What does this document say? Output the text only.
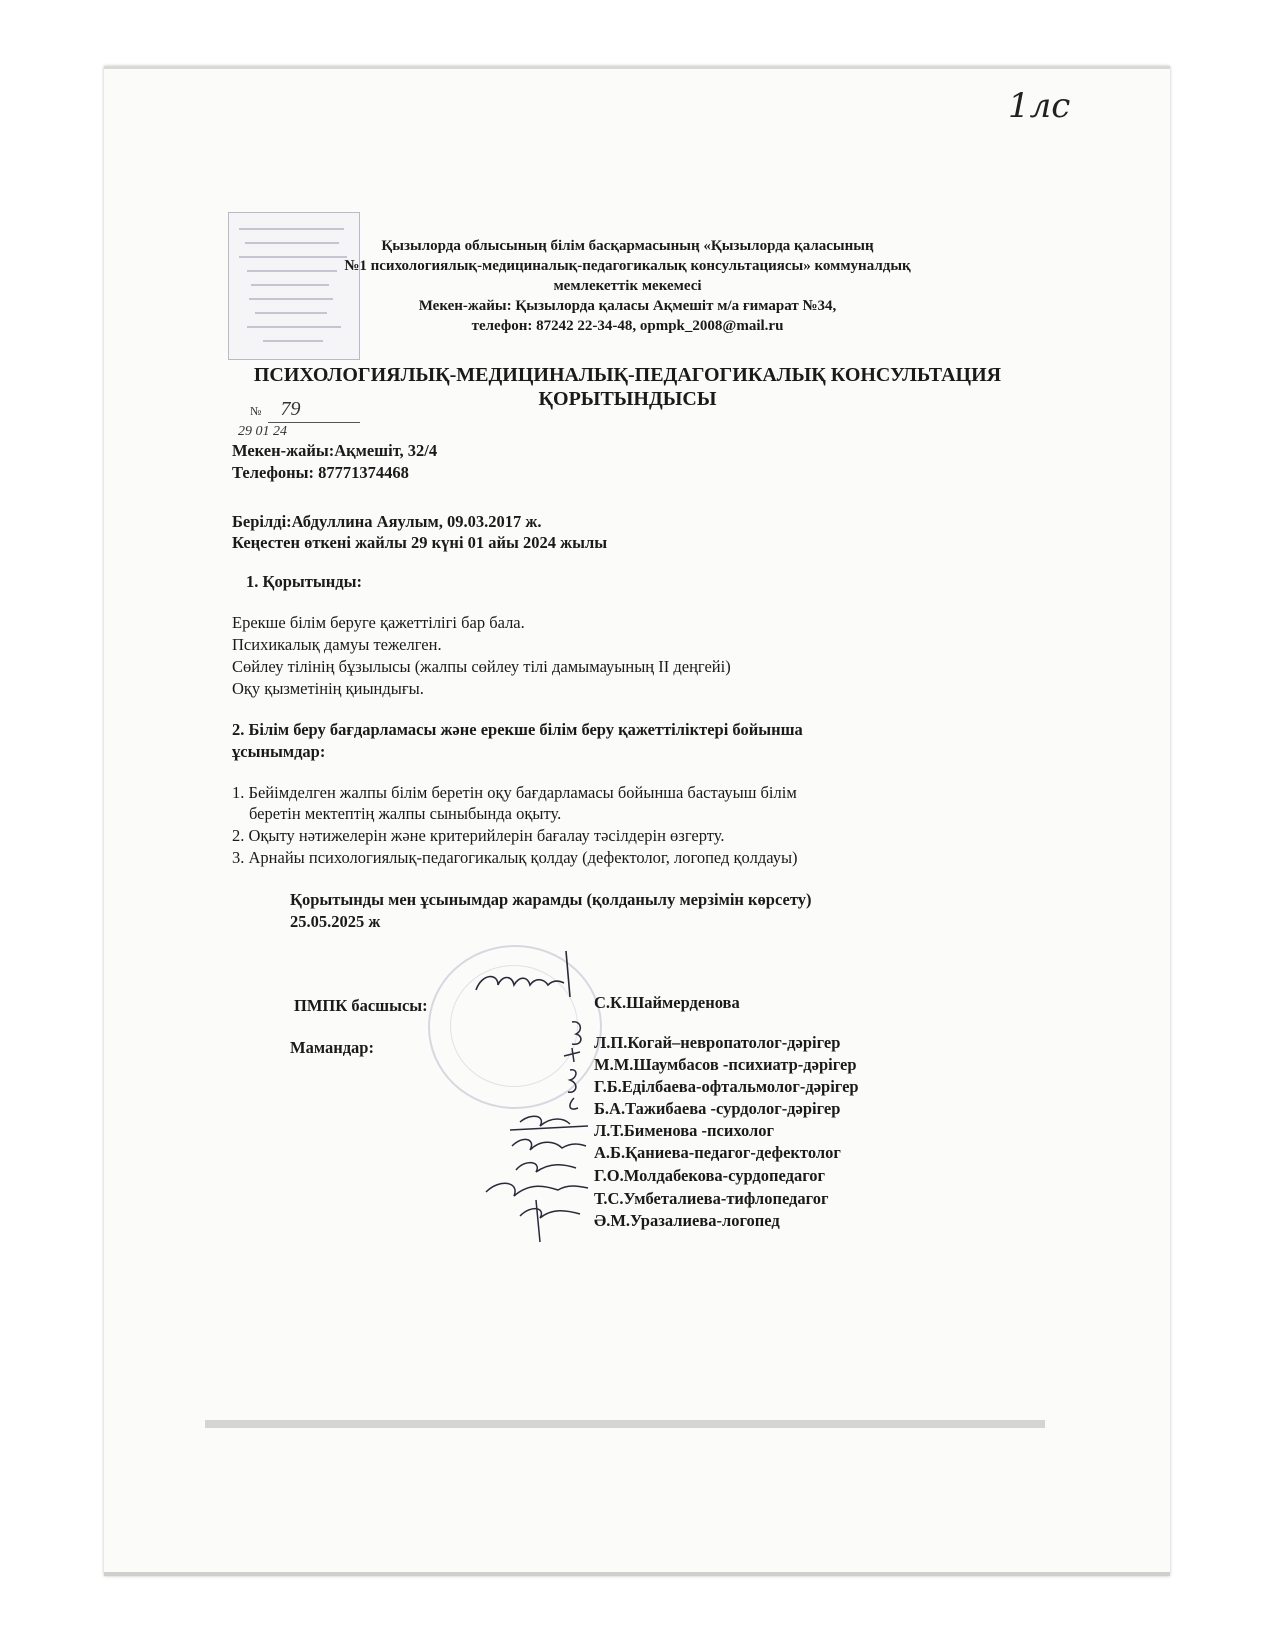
1лс
Қызылорда облысының білім басқармасының «Қызылорда қаласының
№1 психологиялық-медициналық-педагогикалық консультациясы» коммуналдық
мемлекеттік мекемесі
Мекен-жайы: Қызылорда қаласы Ақмешіт м/а ғимарат №34,
телефон: 87242 22-34-48, opmpk_2008@mail.ru
ПСИХОЛОГИЯЛЫҚ-МЕДИЦИНАЛЫҚ-ПЕДАГОГИКАЛЫҚ КОНСУЛЬТАЦИЯ
ҚОРЫТЫНДЫСЫ
№ 79
29 01 24
Мекен-жайы:Ақмешіт, 32/4
Телефоны: 87771374468
Берілді:Абдуллина Аяулым, 09.03.2017 ж.
Кеңестен өткені жайлы 29 күні 01 айы 2024 жылы
1. Қорытынды:
Ерекше білім беруге қажеттілігі бар бала.
Психикалық дамуы тежелген.
Сөйлеу тілінің бұзылысы (жалпы сөйлеу тілі дамымауының II деңгейі)
Оқу қызметінің қиындығы.
2. Білім беру бағдарламасы және ерекше білім беру қажеттіліктері бойынша
ұсынымдар:
1. Бейімделген жалпы білім беретін оқу бағдарламасы бойынша бастауыш білім
беретін мектептің жалпы сыныбында оқыту.
2. Оқыту нәтижелерін және критерийлерін бағалау тәсілдерін өзгерту.
3. Арнайы психологиялық-педагогикалық қолдау (дефектолог, логопед қолдауы)
Қорытынды мен ұсынымдар жарамды (қолданылу мерзімін көрсету)
25.05.2025 ж
ПМПК басшысы:	С.К.Шаймерденова
Мамандар:	Л.П.Когай–невропатолог-дәрігер
М.М.Шаумбасов -психиатр-дәрігер
Г.Б.Еділбаева-офтальмолог-дәрігер
Б.А.Тажибаева -сурдолог-дәрігер
Л.Т.Бименова -психолог
А.Б.Қаниева-педагог-дефектолог
Г.О.Молдабекова-сурдопедагог
Т.С.Умбеталиева-тифлопедагог
Ә.М.Уразалиева-логопед
